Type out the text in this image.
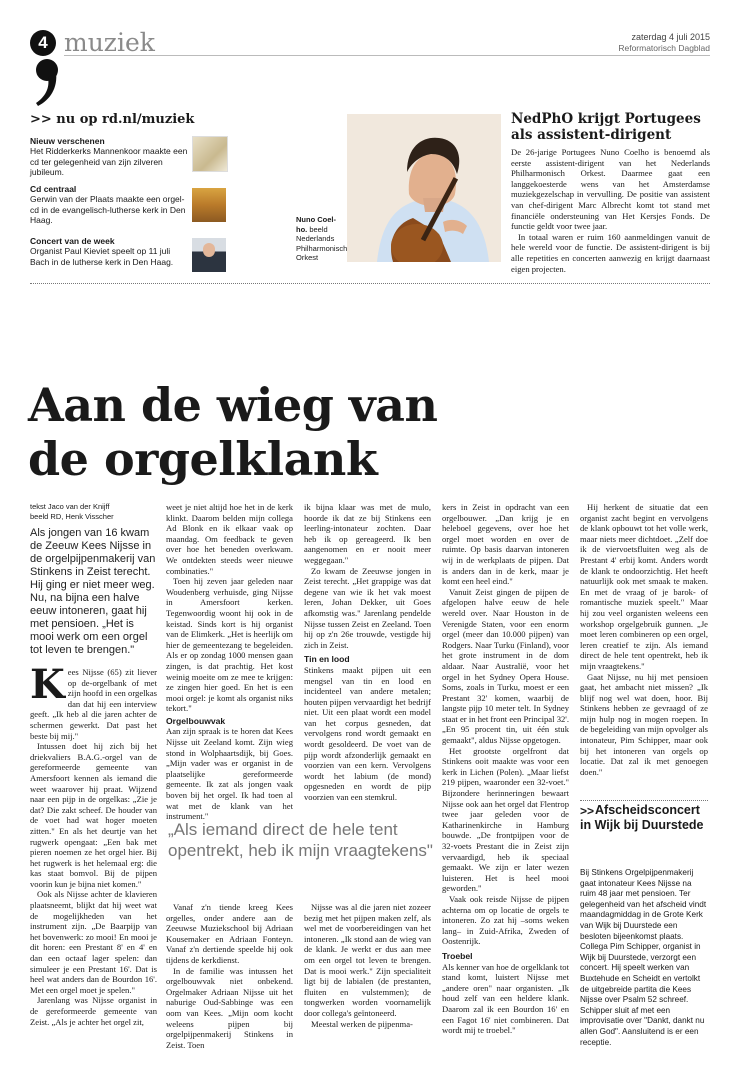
4 muziek	zaterdag 4 juli 2015
Reformatorisch Dagblad
>> nu op rd.nl/muziek
Nieuw verschenen
Het Ridderkerks Mannenkoor maakte een cd ter gelegenheid van zijn zilveren jubileum.
Cd centraal
Gerwin van der Plaats maakte een orgel-cd in de evangelisch-lutherse kerk in Den Haag.
Concert van de week
Organist Paul Kieviet speelt op 11 juli Bach in de lutherse kerk in Den Haag.
Nuno Coel-ho. beeld Nederlands Philharmonisch Orkest
NedPhO krijgt Portugees als assistent-dirigent

De 26-jarige Portugees Nuno Coelho is benoemd als eerste assistent-dirigent van het Nederlands Philharmonisch Orkest. Daarmee gaat een langgekoesterde wens van het Amsterdamse muziekgezelschap in vervulling. De positie van assistent van chef-dirigent Marc Albrecht komt tot stand met financiële ondersteuning van Het Kersjes Fonds. De functie geldt voor twee jaar.

In totaal waren er ruim 160 aanmeldingen vanuit de hele wereld voor de functie. De assistent-dirigent is bij alle repetities en concerten aanwezig en krijgt daarnaast eigen projecten.

Aan de wieg van
de orgelklank
tekst Jaco van der Knijff
beeld RD, Henk Visscher
Als jongen van 16 kwam de Zeeuw Kees Nijsse in de orgelpijpenmakerij van Stinkens in Zeist terecht. Hij ging er niet meer weg. Nu, na bijna een halve eeuw intoneren, gaat hij met pensioen. „Het is mooi werk om een orgel tot leven te brengen."

Kees Nijsse (65) zit liever op de-orgelbank of met zijn hoofd in een orgelkas dan dat hij een interview geeft. „Ik heb al die jaren achter de schermen gewerkt. Dat past het beste bij mij."

Intussen doet hij zich bij het driekvaliers B.A.G.-orgel van de gereformeerde gemeente van Amersfoort kennen als iemand die weet waarover hij praat. Wijzend naar een pijp in de orgelkas: „Zie je dat? Die zakt scheef. De houder van de voet had wat hoger moeten zitten." En als het deurtje van het rugwerk opengaat: „Een bak met pieren noemen ze het orgel hier. Bij het rugwerk is het helemaal erg: die kas staat bomvol. Bij de pijpen voorin kun je bijna niet komen."

Ook als Nijsse achter de klavieren plaatsneemt, blijkt dat hij weet wat de mogelijkheden van het instrument zijn. „De Baarpijp van het bovenwerk: zo mooi! En mooi je dit horen: een Prestant 8' en 4' en dan een octaaf lager spelen: dan simuleer je een Prestant 16'. Dat is heel wat anders dan de Bourdon 16'. Met een orgel moet je spelen."

Jarenlang was Nijsse organist in de gereformeerde gemeente van Zeist. „Als je achter het orgel zit,

weet je niet altijd hoe het in de kerk klinkt. Daarom belden mijn collega Ad Blonk en ik elkaar vaak op maandag. Om feedback te geven over hoe het beneden overkwam. We ontdekten steeds weer nieuwe combinaties."

Toen hij zeven jaar geleden naar Woudenberg verhuisde, ging Nijsse in Amersfoort kerken. Tegenwoordig woont hij ook in de keistad. Sinds kort is hij organist van de Elimkerk. „Het is heerlijk om hier de gemeentezang te begeleiden. Als er op zondag 1000 mensen gaan zingen, is dat prachtig. Het kost weinig moeite om ze mee te krijgen: ze zingen hier goed. En het is een mooi orgel: je komt als organist niks tekort."

Orgelbouwvak

Aan zijn spraak is te horen dat Kees Nijsse uit Zeeland komt. Zijn wieg stond in Wolphaartsdijk, bij Goes. „Mijn vader was er organist in de plaatselijke gereformeerde gemeente. Ik zat als jongen vaak boven bij het orgel. Ik had toen al wat met de klank van het instrument."

ik bijna klaar was met de mulo, hoorde ik dat ze bij Stinkens een leerling-intonateur zochten. Daar heb ik op gereageerd. Ik ben aangenomen en er nooit meer weggegaan."

Zo kwam de Zeeuwse jongen in Zeist terecht. „Het grappige was dat degene van wie ik het vak moest leren, Johan Dekker, uit Goes afkomstig was." Jarenlang pendelde Nijsse tussen Zeist en Zeeland. Toen hij op z'n 26e trouwde, vestigde hij zich in Zeist.

Tin en lood

Stinkens maakt pijpen uit een mengsel van tin en lood en incidenteel van andere metalen; houten pijpen vervaardigt het bedrijf niet. Uit een plaat wordt een model van het corpus gesneden, dat vervolgens rond wordt gemaakt en wordt gesoldeerd. De voet van de pijp wordt afzonderlijk gemaakt en voorzien van een kern. Vervolgens wordt het labium (de mond) opgesneden en wordt de pijp voorzien van een stemkrul.

„Als iemand direct de hele tent opentrekt, heb ik mijn vraagtekens"

Vanaf z'n tiende kreeg Kees orgelles, onder andere aan de Zeeuwse Muziekschool bij Adriaan Kousemaker en Adriaan Fonteyn. Vanaf z'n dertiende speelde hij ook tijdens de kerkdienst.

In de familie was intussen het orgelbouwvak niet onbekend. Orgelmaker Adriaan Nijsse uit het naburige Oud-Sabbinge was een oom van Kees. „Mijn oom kocht weleens pijpen bij orgelpijpenmakerij Stinkens in Zeist. Toen

Nijsse was al die jaren niet zozeer bezig met het pijpen maken zelf, als wel met de voorbereidingen van het intoneren. „Ik stond aan de wieg van de klank. Je werkt er dus aan mee om een orgel tot leven te brengen. Dat is mooi werk." Zijn specialiteit ligt bij de labialen (de prestanten, fluiten en vulstemmen); de tongwerken worden voornamelijk door collega's geïntoneerd.

Meestal werken de pijpenma-

kers in Zeist in opdracht van een orgelbouwer. „Dan krijg je en heleboel gegevens, over hoe het orgel moet worden en over de ruimte. Op basis daarvan intoneren wij in de werkplaats de pijpen. Dat is anders dan in de kerk, maar je komt een heel eind."

Vanuit Zeist gingen de pijpen de afgelopen halve eeuw de hele wereld over. Naar Houston in de Verenigde Staten, voor een enorm orgel (meer dan 10.000 pijpen) van Rodgers. Naar Turku (Finland), voor het grote instrument in de dom aldaar. Naar Australië, voor het orgel in het Sydney Opera House. Soms, zoals in Turku, moest er een Prestant 32' komen, waarbij de langste pijp 10 meter telt. In Sydney staat er in het front een Principal 32'. „En 95 procent tin, uit één stuk gemaakt", aldus Nijsse opgetogen.

Het grootste orgelfront dat Stinkens ooit maakte was voor een kerk in Lichen (Polen). „Maar liefst 219 pijpen, waaronder een 32-voet." Bijzondere herinneringen bewaart Nijsse ook aan het orgel dat Flentrop twee jaar geleden voor de Katharinenkirche in Hamburg bouwde. „De frontpijpen voor de 32-voets Prestant die in Zeist zijn vervaardigd, heb ik speciaal gemaakt. We zijn er later wezen luisteren. Het is heel mooi geworden."

Vaak ook reisde Nijsse de pijpen achterna om op locatie de orgels te intoneren. Zo zat hij –soms weken lang– in Zuid-Afrika, Zweden of Oostenrijk.

Troebel

Als kenner van hoe de orgelklank tot stand komt, luistert Nijsse met „andere oren" naar organisten. „Ik houd zelf van een heldere klank. Daarom zal ik een Bourdon 16' en een Fagot 16' niet combineren. Dat wordt mij te troebel."

Hij herkent de situatie dat een organist zacht begint en vervolgens de klank opbouwt tot het volle werk, maar niets meer dichtdoet. „Zelf doe ik de viervoetsfluiten weg als de Prestant 4' erbij komt. Anders wordt de klank te ondoorzichtig. Het heeft natuurlijk ook met smaak te maken. En met de vraag of je barok- of romantische muziek speelt." Maar hij zou veel organisten weleens een workshop orgelgebruik gunnen. „Je moet leren combineren op een orgel, leren creatief te zijn. Als iemand direct de hele tent opentrekt, heb ik mijn vraagtekens."

Gaat Nijsse, nu hij met pensioen gaat, het ambacht niet missen? „Ik blijf nog wel wat doen, hoor. Bij Stinkens hebben ze gevraagd of ze mijn hulp nog in mogen roepen. In de begeleiding van mijn opvolger als intonateur, Pim Schipper, maar ook bij het intoneren van orgels op locatie. Dat zal ik met genoegen doen."

>> Afscheidsconcert in Wijk bij Duurstede
Bij Stinkens Orgelpijpenmakerij gaat intonateur Kees Nijsse na ruim 48 jaar met pensioen. Ter gelegenheid van het afscheid vindt maandagmiddag in de Grote Kerk van Wijk bij Duurstede een besloten bijeenkomst plaats. Collega Pim Schipper, organist in Wijk bij Duurstede, verzorgt een concert. Hij speelt werken van Buxtehude en Scheidt en vertolkt de uitgebreide partita die Kees Nijsse over Psalm 52 schreef. Schipper sluit af met een improvisatie over "Dankt, dankt nu allen God". Aansluitend is er een receptie.
